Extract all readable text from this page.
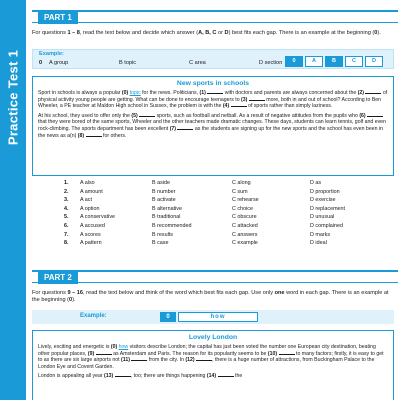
Practice Test 1
PART 1
For questions 1 – 8, read the text below and decide which answer (A, B, C or D) best fits each gap. There is an example at the beginning (0).
Example:
0 A group	B topic	C area	D section	0	A	B	C	D
New sports in schools

Sport in schools is always a popular (0) topic for the news. Politicians, (1)	with doctors and parents are always concerned about the (2)	of physical activity young people are getting. What can be done to encourage teenagers to (3)	more, both in and out of school? According to Ben Wheeler, a PE teacher at Maldon High school in Sussex, the problem is with the (4)	of sports rather than simply laziness.

At his school, they used to offer only the (5)	sports, such as football and netball. As a result of negative attitudes from the pupils who (6)  that they were bored of the same sports, Wheeler and the other teachers made dramatic changes. These days, students can learn tennis, golf and even rock-climbing. The sports department has been excellent (7)	as the students are signing up for the new sports and the school has even been in the news as a(n) (8)	for others.

1. A also	B aside	C along	D as
2. A amount	B number	C sum	D proportion
3. A act	B activate	C rehearse	D exercise
4. A option	B alternative	C choice	D replacement
5. A conservative	B traditional	C obscure	D unusual
6. A accused	B recommended	C attacked	D complained
7. A scores	B results	C answers	D marks
8. A pattern	B case	C example	D ideal
PART 2
For questions 9 – 16, read the text below and think of the word which best fits each gap. Use only one word in each gap. There is an example at the beginning (0).
Example:	0	how
Lovely London

Lively, exciting and energetic is (0) how visitors describe London; the capital has just been voted the number one European city destination, beating other popular places, (9)	as Amsterdam and Paris. The reason for its popularity seems to be (10)	to many factors; firstly, it is easy to get to as there are six large airports not (11)	from the city. In (12)	, there is a huge number of attractions, from Buckingham Palace to the London Eye and Covent Garden.

London is appealing all year (13)	, too; there are things happening (14)	the
